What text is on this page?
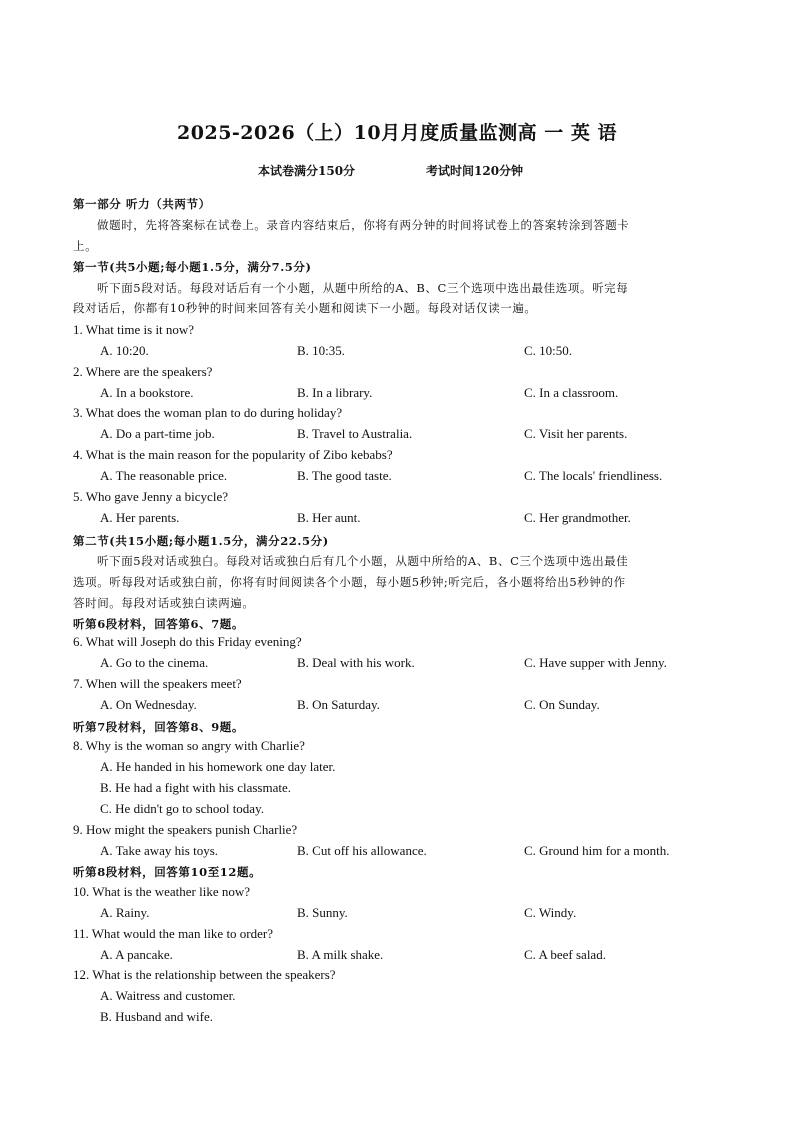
2025-2026（上）10月月度质量监测高 一 英 语
本试卷满分150分	考试时间120分钟
第一部分 听力（共两节）
做题时，先将答案标在试卷上。录音内容结束后，你将有两分钟的时间将试卷上的答案转涂到答题卡
上。
第一节(共5小题;每小题1.5分，满分7.5分)
听下面5段对话。每段对话后有一个小题，从题中所给的A、B、C三个选项中选出最佳选项。听完每
段对话后，你都有10秒钟的时间来回答有关小题和阅读下一小题。每段对话仅读一遍。
1. What time is it now?
A. 10:20.	B. 10:35.	C. 10:50.
2. Where are the speakers?
A. In a bookstore.	B. In a library.	C. In a classroom.
3. What does the woman plan to do during holiday?
A. Do a part-time job.	B. Travel to Australia.	C. Visit her parents.
4. What is the main reason for the popularity of Zibo kebabs?
A. The reasonable price.	B. The good taste.	C. The locals' friendliness.
5. Who gave Jenny a bicycle?
A. Her parents.	B. Her aunt.	C. Her grandmother.
第二节(共15小题;每小题1.5分，满分22.5分)
听下面5段对话或独白。每段对话或独白后有几个小题，从题中所给的A、B、C三个选项中选出最佳
选项。听每段对话或独白前，你将有时间阅读各个小题，每小题5秒钟;听完后，各小题将给出5秒钟的作
答时间。每段对话或独白读两遍。
听第6段材料，回答第6、7题。
6. What will Joseph do this Friday evening?
A. Go to the cinema.	B. Deal with his work.	C. Have supper with Jenny.
7. When will the speakers meet?
A. On Wednesday.	B. On Saturday.	C. On Sunday.
听第7段材料，回答第8、9题。
8. Why is the woman so angry with Charlie?
A. He handed in his homework one day later.
B. He had a fight with his classmate.
C. He didn't go to school today.
9. How might the speakers punish Charlie?
A. Take away his toys.	B. Cut off his allowance.	C. Ground him for a month.
听第8段材料，回答第10至12题。
10. What is the weather like now?
A. Rainy.	B. Sunny.	C. Windy.
11. What would the man like to order?
A. A pancake.	B. A milk shake.	C. A beef salad.
12. What is the relationship between the speakers?
A. Waitress and customer.
B. Husband and wife.
